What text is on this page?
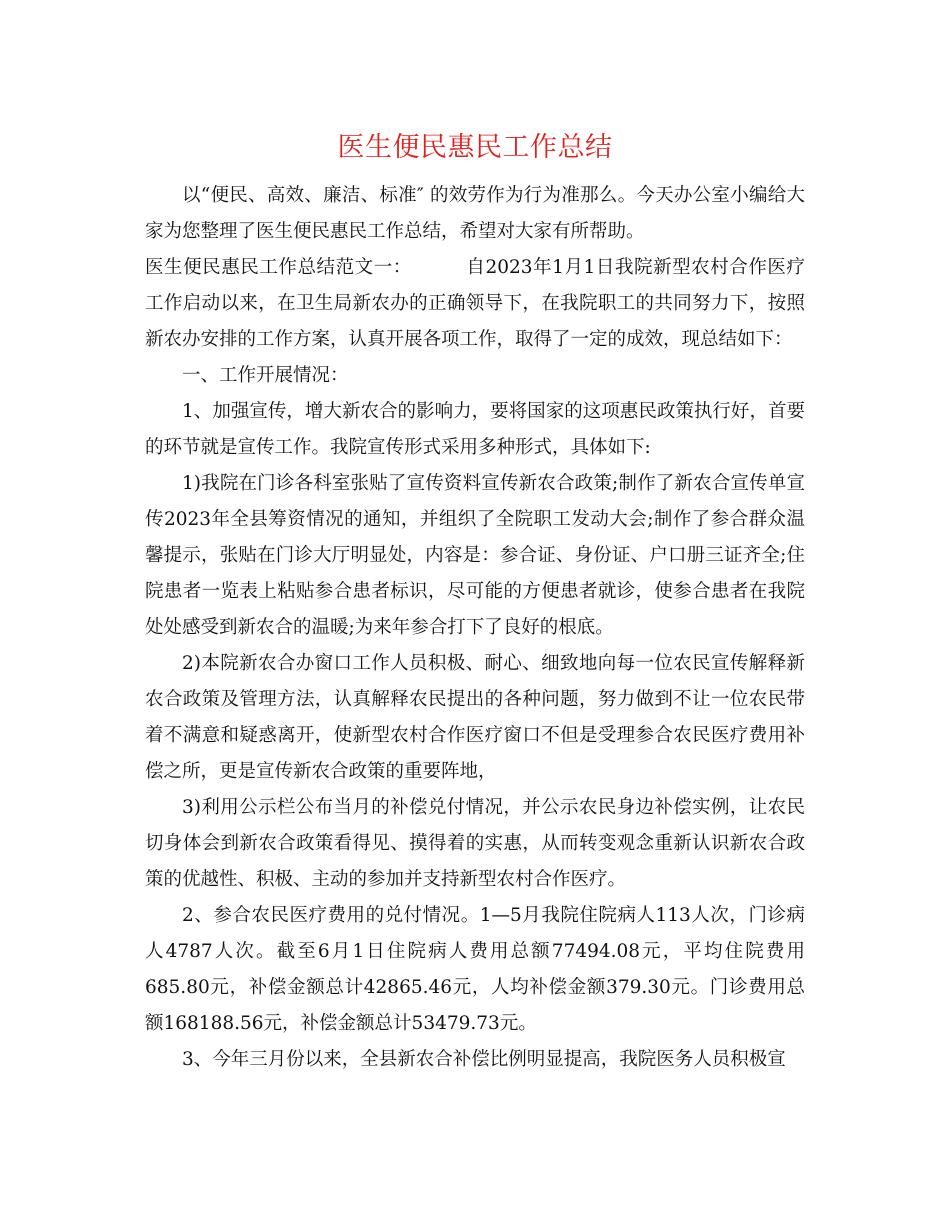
医生便民惠民工作总结

以“便民、高效、廉洁、标准″ 的效劳作为行为准那么。今天办公室小编给大家为您整理了医生便民惠民工作总结，希望对大家有所帮助。

医生便民惠民工作总结范文一：	自2023年1月1日我院新型农村合作医疗工作启动以来，在卫生局新农办的正确领导下，在我院职工的共同努力下，按照新农办安排的工作方案，认真开展各项工作，取得了一定的成效，现总结如下：

一、工作开展情况：

1、加强宣传，增大新农合的影响力，要将国家的这项惠民政策执行好，首要的环节就是宣传工作。我院宣传形式采用多种形式，具体如下:

1)我院在门诊各科室张贴了宣传资料宣传新农合政策;制作了新农合宣传单宣传2023年全县筹资情况的通知，并组织了全院职工发动大会;制作了参合群众温馨提示，张贴在门诊大厅明显处，内容是：参合证、身份证、户口册三证齐全;住院患者一览表上粘贴参合患者标识，尽可能的方便患者就诊，使参合患者在我院处处感受到新农合的温暖;为来年参合打下了良好的根底。

2)本院新农合办窗口工作人员积极、耐心、细致地向每一位农民宣传解释新农合政策及管理方法，认真解释农民提出的各种问题，努力做到不让一位农民带着不满意和疑惑离开，使新型农村合作医疗窗口不但是受理参合农民医疗费用补偿之所，更是宣传新农合政策的重要阵地，

3)利用公示栏公布当月的补偿兑付情况，并公示农民身边补偿实例，让农民切身体会到新农合政策看得见、摸得着的实惠，从而转变观念重新认识新农合政策的优越性、积极、主动的参加并支持新型农村合作医疗。

2、参合农民医疗费用的兑付情况。1—5月我院住院病人113人次，门诊病人4787人次。截至6月1日住院病人费用总额77494.08元，平均住院费用685.80元，补偿金额总计42865.46元，人均补偿金额379.30元。门诊费用总额168188.56元，补偿金额总计53479.73元。

3、今年三月份以来，全县新农合补偿比例明显提高，我院医务人员积极宣
